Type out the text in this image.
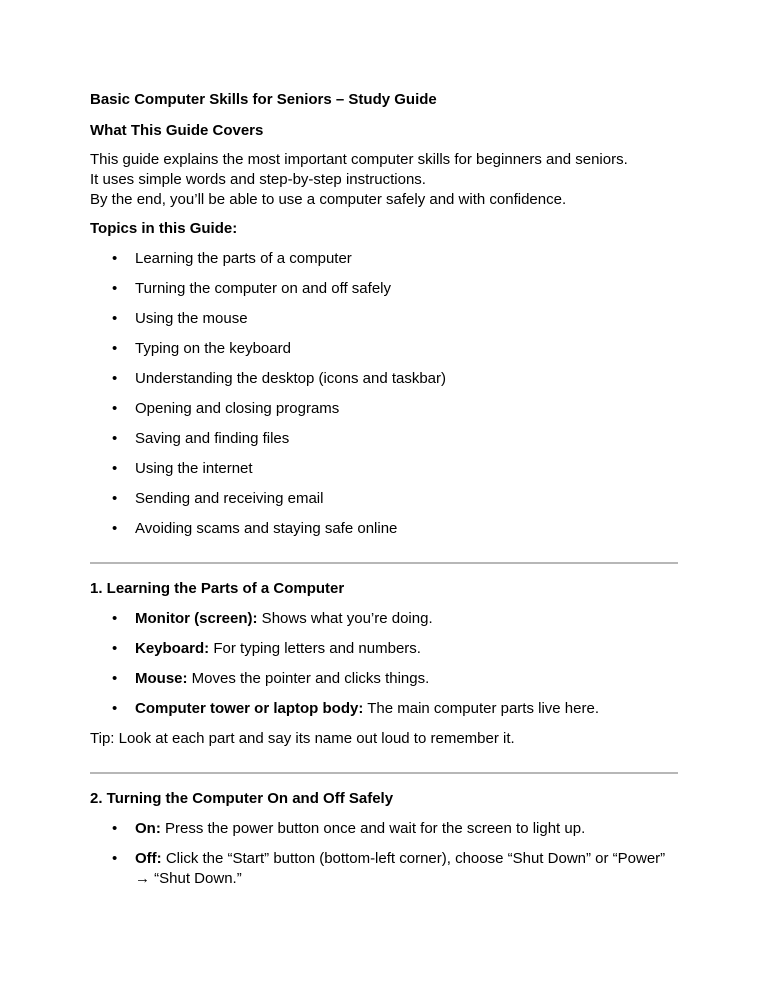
Basic Computer Skills for Seniors – Study Guide

What This Guide Covers

This guide explains the most important computer skills for beginners and seniors.

It uses simple words and step-by-step instructions.

By the end, you’ll be able to use a computer safely and with confidence.

Topics in this Guide:

• Learning the parts of a computer
• Turning the computer on and off safely
• Using the mouse
• Typing on the keyboard
• Understanding the desktop (icons and taskbar)
• Opening and closing programs
• Saving and finding files
• Using the internet
• Sending and receiving email
• Avoiding scams and staying safe online

1. Learning the Parts of a Computer

• Monitor (screen): Shows what you’re doing.
• Keyboard: For typing letters and numbers.
• Mouse: Moves the pointer and clicks things.
• Computer tower or laptop body: The main computer parts live here.

Tip: Look at each part and say its name out loud to remember it.

2. Turning the Computer On and Off Safely

• On: Press the power button once and wait for the screen to light up.
• Off: Click the “Start” button (bottom-left corner), choose “Shut Down” or “Power” → “Shut Down.”
